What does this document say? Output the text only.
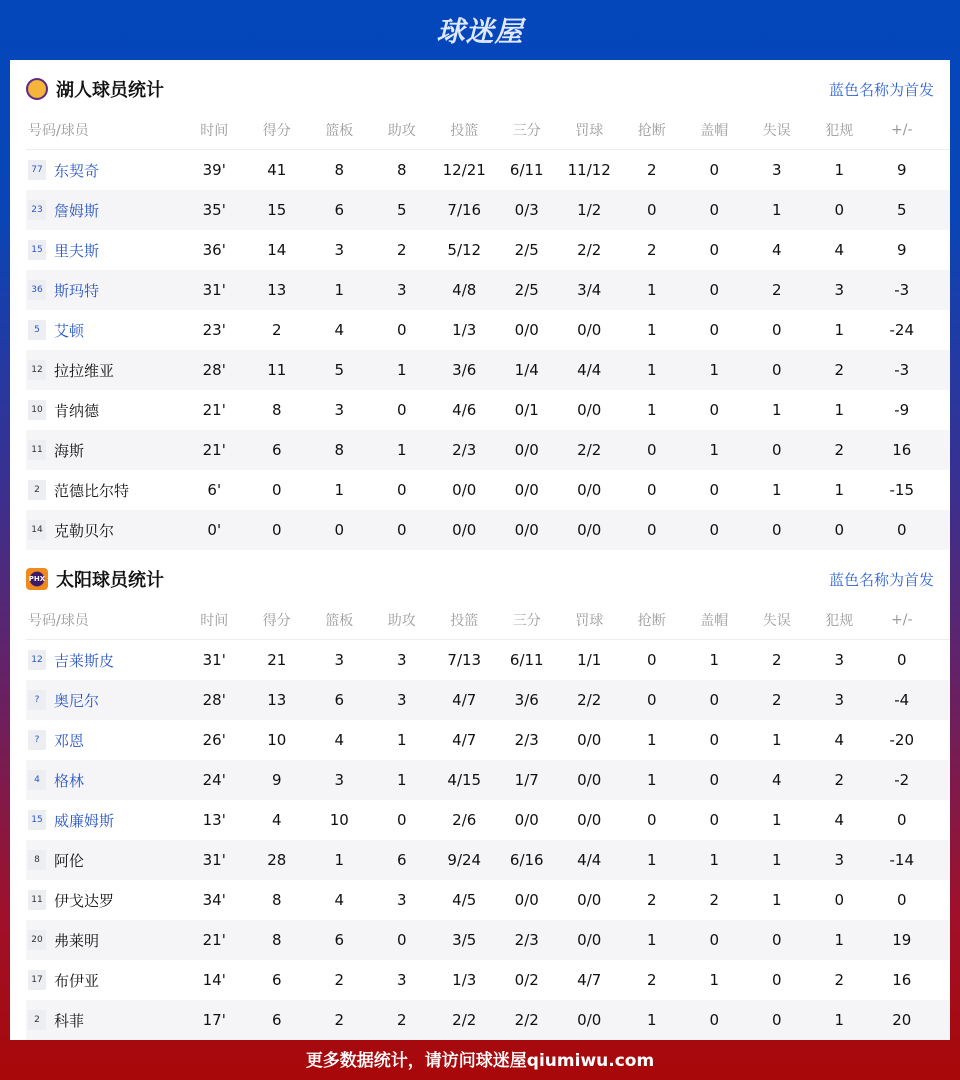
球迷屋
湖人球员统计	蓝色名称为首发
号码/球员	时间	得分	篮板	助攻	投篮	三分	罚球	抢断	盖帽	失误	犯规	+/-
77 东契奇	39'	41	8	8	12/21	6/11	11/12	2	0	3	1	9
23 詹姆斯	35'	15	6	5	7/16	0/3	1/2	0	0	1	0	5
15 里夫斯	36'	14	3	2	5/12	2/5	2/2	2	0	4	4	9
36 斯玛特	31'	13	1	3	4/8	2/5	3/4	1	0	2	3	-3
5 艾顿	23'	2	4	0	1/3	0/0	0/0	1	0	0	1	-24
12 拉拉维亚	28'	11	5	1	3/6	1/4	4/4	1	1	0	2	-3
10 肯纳德	21'	8	3	0	4/6	0/1	0/0	1	0	1	1	-9
11 海斯	21'	6	8	1	2/3	0/0	2/2	0	1	0	2	16
2 范德比尔特	6'	0	1	0	0/0	0/0	0/0	0	0	1	1	-15
14 克勒贝尔	0'	0	0	0	0/0	0/0	0/0	0	0	0	0	0
PHX 太阳球员统计	蓝色名称为首发
号码/球员	时间	得分	篮板	助攻	投篮	三分	罚球	抢断	盖帽	失误	犯规	+/-
12 吉莱斯皮	31'	21	3	3	7/13	6/11	1/1	0	1	2	3	0
? 奥尼尔	28'	13	6	3	4/7	3/6	2/2	0	0	2	3	-4
? 邓恩	26'	10	4	1	4/7	2/3	0/0	1	0	1	4	-20
4 格林	24'	9	3	1	4/15	1/7	0/0	1	0	4	2	-2
15 威廉姆斯	13'	4	10	0	2/6	0/0	0/0	0	0	1	4	0
8 阿伦	31'	28	1	6	9/24	6/16	4/4	1	1	1	3	-14
11 伊戈达罗	34'	8	4	3	4/5	0/0	0/0	2	2	1	0	0
20 弗莱明	21'	8	6	0	3/5	2/3	0/0	1	0	0	1	19
17 布伊亚	14'	6	2	3	1/3	0/2	4/7	2	1	0	2	16
2 科菲	17'	6	2	2	2/2	2/2	0/0	1	0	0	1	20
更多数据统计，请访问球迷屋qiumiwu.com
